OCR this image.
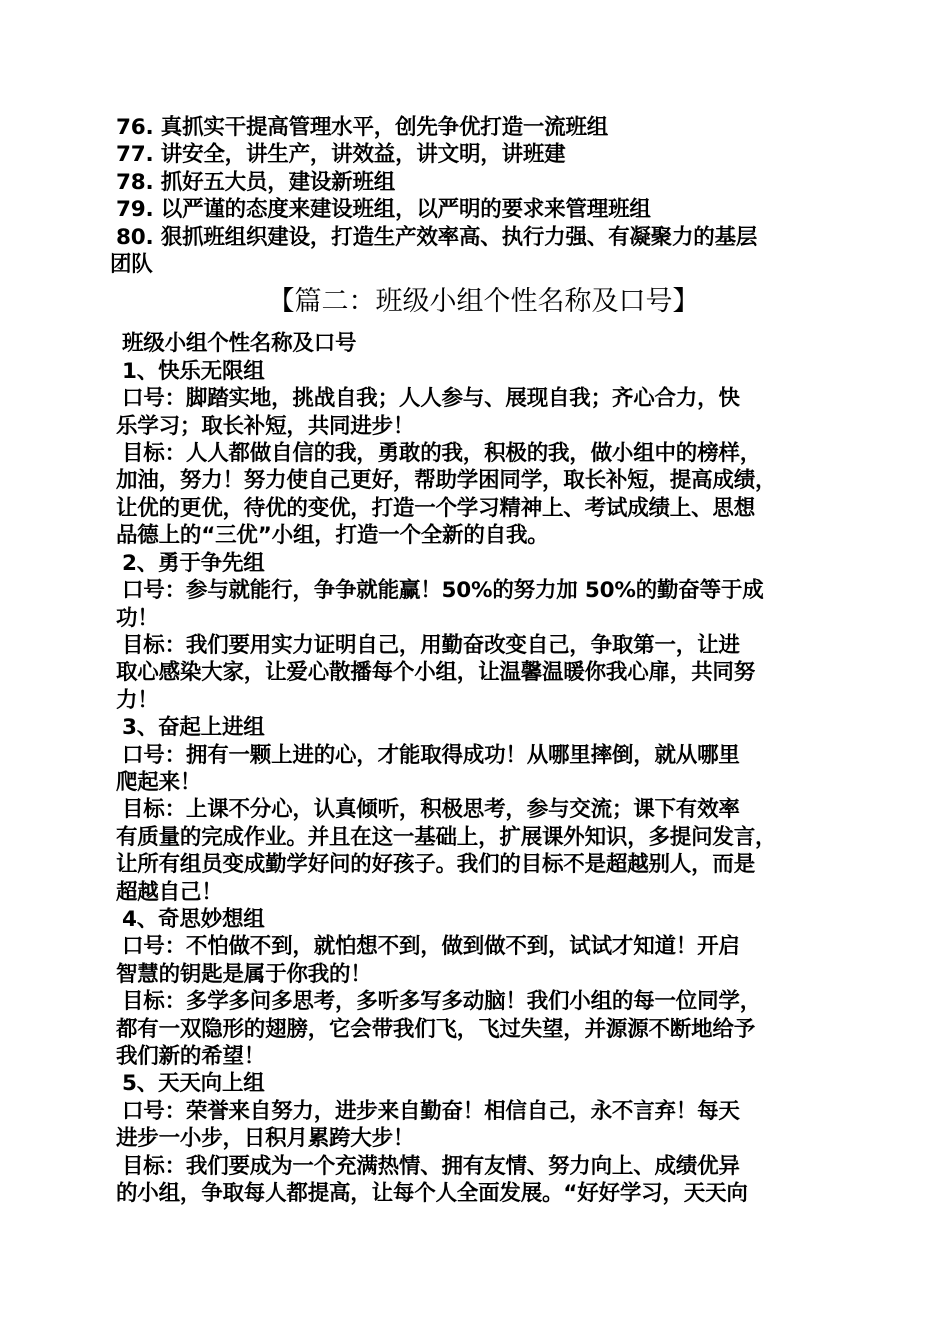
76. 真抓实干提高管理水平，创先争优打造一流班组
77. 讲安全，讲生产，讲效益，讲文明，讲班建
78. 抓好五大员，建设新班组
79. 以严谨的态度来建设班组，以严明的要求来管理班组
80. 狠抓班组织建设，打造生产效率高、执行力强、有凝聚力的基层
团队
【篇二：班级小组个性名称及口号】
班级小组个性名称及口号
1、快乐无限组
口号：脚踏实地，挑战自我；人人参与、展现自我；齐心合力，快
乐学习；取长补短，共同进步！
目标：人人都做自信的我，勇敢的我，积极的我，做小组中的榜样，
加油，努力！努力使自己更好，帮助学困同学，取长补短，提高成绩，
让优的更优，待优的变优，打造一个学习精神上、考试成绩上、思想
品德上的“三优”小组，打造一个全新的自我。
2、勇于争先组
口号：参与就能行，争争就能赢！50%的努力加 50%的勤奋等于成
功！
目标：我们要用实力证明自己，用勤奋改变自己，争取第一，让进
取心感染大家，让爱心散播每个小组，让温馨温暖你我心扉，共同努
力！
3、奋起上进组
口号：拥有一颗上进的心，才能取得成功！从哪里摔倒，就从哪里
爬起来！
目标：上课不分心，认真倾听，积极思考，参与交流；课下有效率
有质量的完成作业。并且在这一基础上，扩展课外知识，多提问发言，
让所有组员变成勤学好问的好孩子。我们的目标不是超越别人，而是
超越自己！
4、奇思妙想组
口号：不怕做不到，就怕想不到，做到做不到，试试才知道！开启
智慧的钥匙是属于你我的！
目标：多学多问多思考，多听多写多动脑！我们小组的每一位同学，
都有一双隐形的翅膀，它会带我们飞，飞过失望，并源源不断地给予
我们新的希望！
5、天天向上组
口号：荣誉来自努力，进步来自勤奋！相信自己，永不言弃！每天
进步一小步，日积月累跨大步！
目标：我们要成为一个充满热情、拥有友情、努力向上、成绩优异
的小组，争取每人都提高，让每个人全面发展。“好好学习，天天向
